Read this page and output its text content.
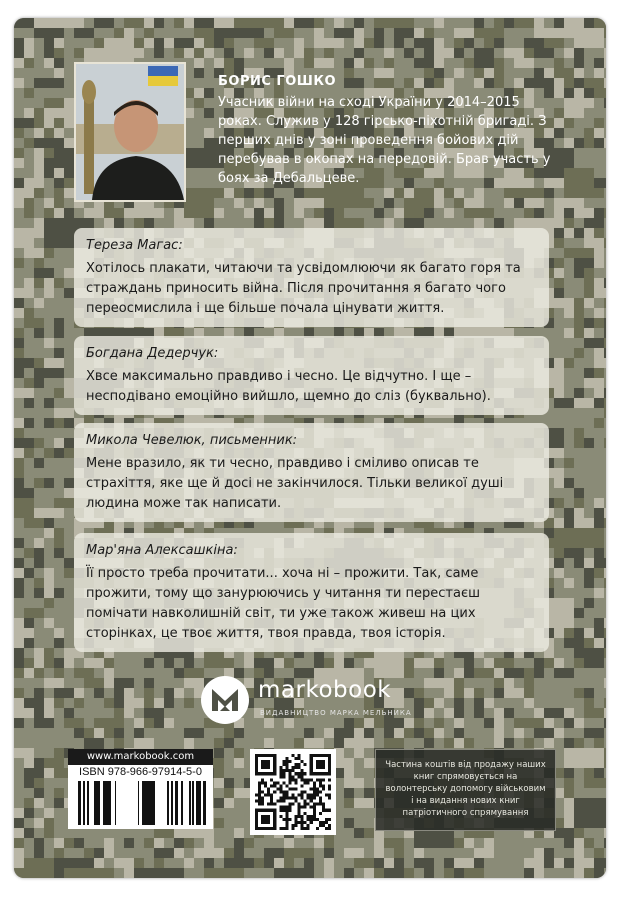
БОРИС ГОШКО
Учасник війни на сході України у 2014–2015 роках. Служив у 128 гірсько-піхотній бригаді. З перших днів у зоні проведення бойових дій перебував в окопах на передовій. Брав участь у боях за Дебальцеве.
Тереза Магас:
Хотілось плакати, читаючи та усвідомлюючи як багато горя та страждань приносить війна. Після прочитання я багато чого переосмислила і ще більше почала цінувати життя.
Богдана Дедерчук:
Хвсе максимально правдиво і чесно. Це відчутно. І ще – несподівано емоційно вийшло, щемно до сліз (буквально).
Микола Чевелюк, письменник:
Мене вразило, як ти чесно, правдиво і сміливо описав те страхіття, яке ще й досі не закінчилося. Тільки великої душі людина може так написати.
Мар'яна Алексашкіна:
Її просто треба прочитати... хоча ні – прожити. Так, саме прожити, тому що занурюючись у читання ти перестаєш помічати навколишній світ, ти уже також живеш на цих сторінках, це твоє життя, твоя правда, твоя історія.
markobook
ВИДАВНИЦТВО МАРКА МЕЛЬНИКА
www.markobook.com
ISBN 978-966-97914-5-0
Частина коштів від продажу наших книг спрямовується на волонтерську допомогу військовим і на видання нових книг патріотичного спрямування
